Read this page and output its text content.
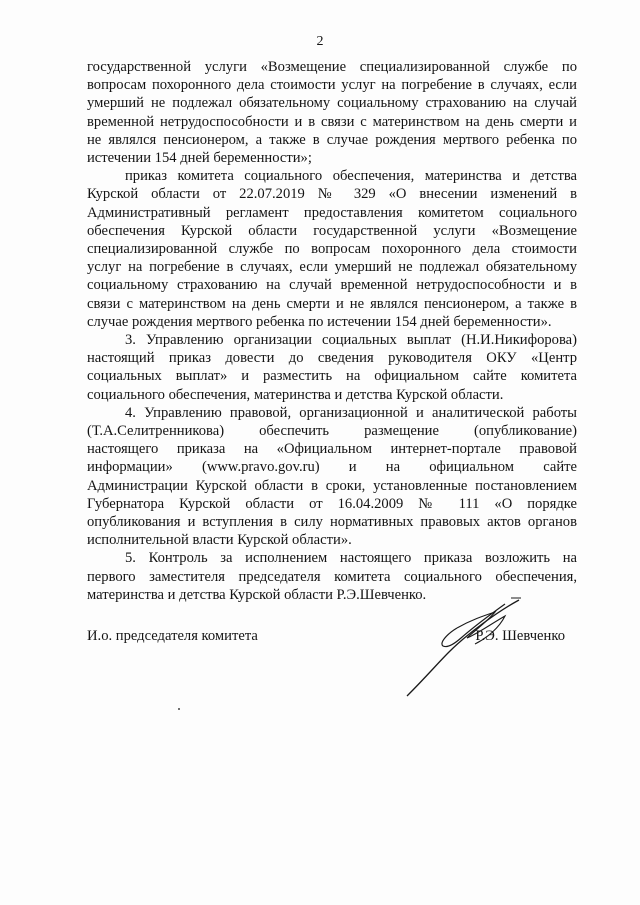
2
государственной услуги «Возмещение специализированной службе по
вопросам похоронного дела стоимости услуг на погребение в случаях, если
умерший не подлежал обязательному социальному страхованию на случай
временной нетрудоспособности и в связи с материнством на день смерти и
не являлся пенсионером, а также в случае рождения мертвого ребенка по
истечении 154 дней беременности»;
приказ комитета социального обеспечения, материнства и детства
Курской области от 22.07.2019 № 329 «О внесении изменений в
Административный регламент предоставления комитетом социального
обеспечения Курской области государственной услуги «Возмещение
специализированной службе по вопросам похоронного дела стоимости
услуг на погребение в случаях, если умерший не подлежал обязательному
социальному страхованию на случай временной нетрудоспособности и в
связи с материнством на день смерти и не являлся пенсионером, а также в
случае рождения мертвого ребенка по истечении 154 дней беременности».
3. Управлению организации социальных выплат (Н.И.Никифорова)
настоящий приказ довести до сведения руководителя ОКУ «Центр
социальных выплат» и разместить на официальном сайте комитета
социального обеспечения, материнства и детства Курской области.
4. Управлению правовой, организационной и аналитической работы
(Т.А.Селитренникова) обеспечить размещение (опубликование)
настоящего приказа на «Официальном интернет-портале правовой
информации» (www.pravo.gov.ru) и на официальном сайте
Администрации Курской области в сроки, установленные постановлением
Губернатора Курской области от 16.04.2009 № 111 «О порядке
опубликования и вступления в силу нормативных правовых актов органов
исполнительной власти Курской области».
5. Контроль за исполнением настоящего приказа возложить на
первого заместителя председателя комитета социального обеспечения,
материнства и детства Курской области Р.Э.Шевченко.
И.о. председателя комитета	Р.Э. Шевченко
